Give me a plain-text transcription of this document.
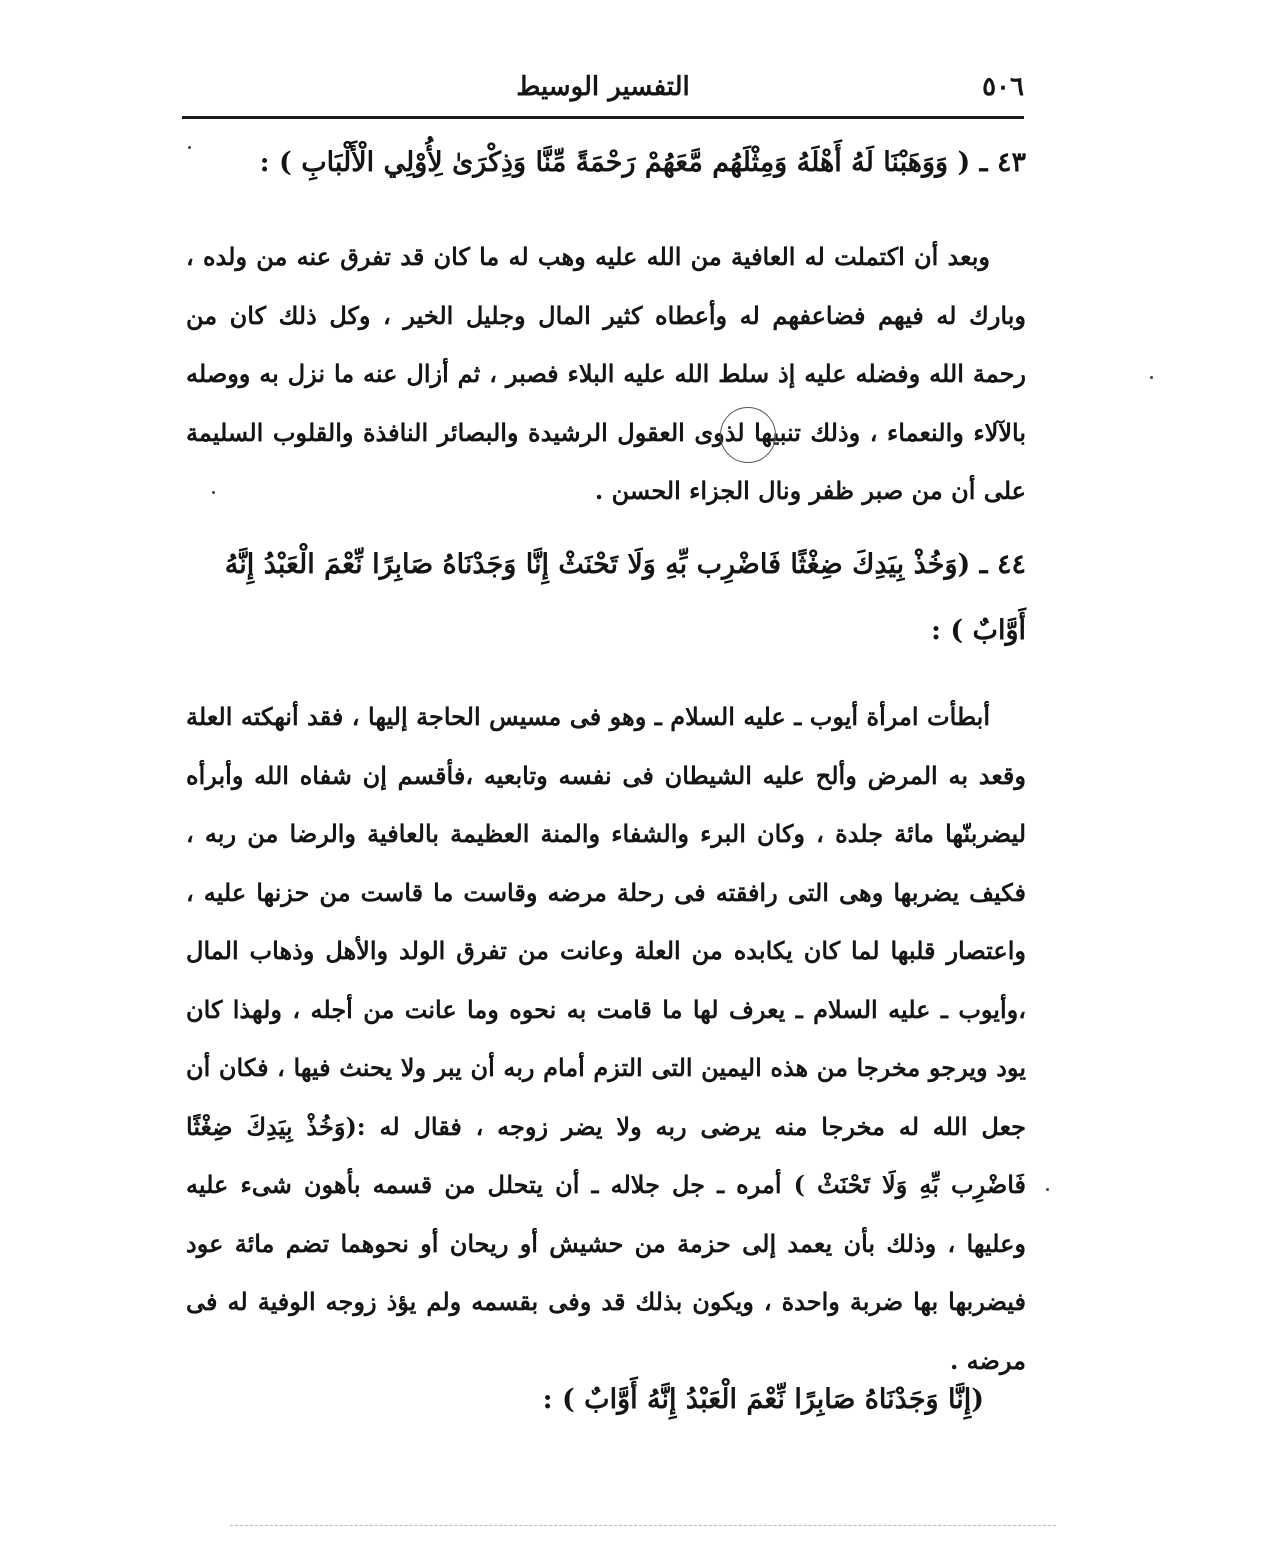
٥٠٦
التفسير الوسيط

٤٣ ـ ( وَوَهَبْنَا لَهُ أَهْلَهُ وَمِثْلَهُم مَّعَهُمْ رَحْمَةً مِّنَّا وَذِكْرَىٰ لِأُوْلِي الْأَلْبَابِ ) :

وبعد أن اكتملت له العافية من الله عليه وهب له ما كان قد تفرق عنه من ولده ، وبارك له فيهم فضاعفهم له وأعطاه كثير المال وجليل الخير ، وكل ذلك كان من رحمة الله وفضله عليه إذ سلط الله عليه البلاء فصبر ، ثم أزال عنه ما نزل به ووصله بالآلاء والنعماء ، وذلك تنبيها لذوى العقول الرشيدة والبصائر النافذة والقلوب السليمة على أن من صبر ظفر ونال الجزاء الحسن .

٤٤ ـ (وَخُذْ بِيَدِكَ ضِغْثًا فَاضْرِب بِّهِ وَلَا تَحْنَثْ إِنَّا وَجَدْنَاهُ صَابِرًا نِّعْمَ الْعَبْدُ إِنَّهُ أَوَّابٌ ) :

أبطأت امرأة أيوب ـ عليه السلام ـ وهو فى مسيس الحاجة إليها ، فقد أنهكته العلة وقعد به المرض وألح عليه الشيطان فى نفسه وتابعيه ،فأقسم إن شفاه الله وأبرأه ليضربنّها مائة جلدة ، وكان البرء والشفاء والمنة العظيمة بالعافية والرضا من ربه ، فكيف يضربها وهى التى رافقته فى رحلة مرضه وقاست ما قاست من حزنها عليه ، واعتصار قلبها لما كان يكابده من العلة وعانت من تفرق الولد والأهل وذهاب المال ،وأيوب ـ عليه السلام ـ يعرف لها ما قامت به نحوه وما عانت من أجله ، ولهذا كان يود ويرجو مخرجا من هذه اليمين التى التزم أمام ربه أن يبر ولا يحنث فيها ، فكان أن جعل الله له مخرجا منه يرضى ربه ولا يضر زوجه ، فقال له :(وَخُذْ بِيَدِكَ ضِغْثًا فَاضْرِب بِّهِ وَلَا تَحْنَثْ ) أمره ـ جل جلاله ـ أن يتحلل من قسمه بأهون شىء عليه وعليها ، وذلك بأن يعمد إلى حزمة من حشيش أو ريحان أو نحوهما تضم مائة عود فيضربها بها ضربة واحدة ، ويكون بذلك قد وفى بقسمه ولم يؤذ زوجه الوفية له فى مرضه .

(إِنَّا وَجَدْنَاهُ صَابِرًا نِّعْمَ الْعَبْدُ إِنَّهُ أَوَّابٌ ) :
